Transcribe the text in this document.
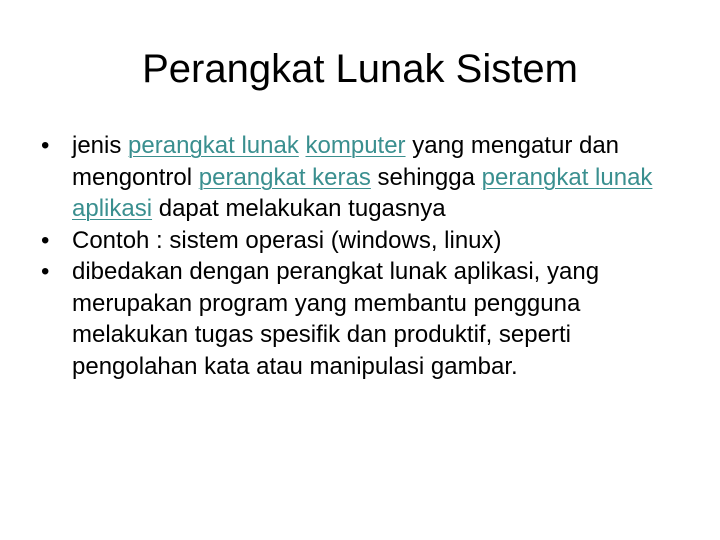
Perangkat Lunak Sistem
• jenis perangkat lunak komputer yang mengatur dan mengontrol perangkat keras sehingga perangkat lunak aplikasi dapat melakukan tugasnya
• Contoh : sistem operasi (windows, linux)
• dibedakan dengan perangkat lunak aplikasi, yang merupakan program yang membantu pengguna melakukan tugas spesifik dan produktif, seperti pengolahan kata atau manipulasi gambar.
